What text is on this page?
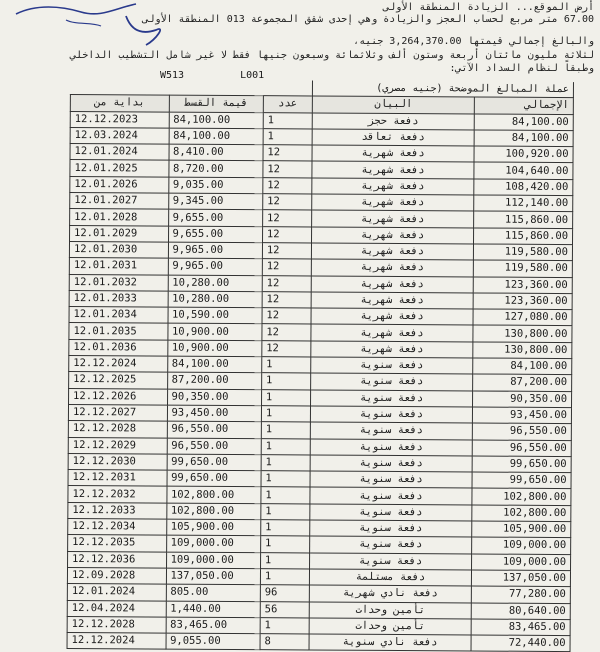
أرض الموقع... الزيادة المنطقة الأولى
67.00 متر مربع لحساب العجز والزيادة وهي إحدى شقق المجموعة 013 المنطقة الأولى
والبالغ إجمالي قيمتها 3,264,370.00 جنيه،
لثلاثة مليون مائتان أربعة وستون ألف وثلاثمائة وسبعون جنيها فقط لا غير شامل التشطيب الداخلي
وطبقاً لنظام السداد الآتي:
W513	L001
			عملة المبالغ الموضحة (جنيه مصري)	
بداية من	قيمة القسط	عدد	البيان	الإجمالي
12.12.2023	84,100.00	1	دفعة حجز	84,100.00
12.03.2024	84,100.00	1	دفعة تعاقد	84,100.00
12.01.2024	8,410.00	12	دفعة شهرية	100,920.00
12.01.2025	8,720.00	12	دفعة شهرية	104,640.00
12.01.2026	9,035.00	12	دفعة شهرية	108,420.00
12.01.2027	9,345.00	12	دفعة شهرية	112,140.00
12.01.2028	9,655.00	12	دفعة شهرية	115,860.00
12.01.2029	9,655.00	12	دفعة شهرية	115,860.00
12.01.2030	9,965.00	12	دفعة شهرية	119,580.00
12.01.2031	9,965.00	12	دفعة شهرية	119,580.00
12.01.2032	10,280.00	12	دفعة شهرية	123,360.00
12.01.2033	10,280.00	12	دفعة شهرية	123,360.00
12.01.2034	10,590.00	12	دفعة شهرية	127,080.00
12.01.2035	10,900.00	12	دفعة شهرية	130,800.00
12.01.2036	10,900.00	12	دفعة شهرية	130,800.00
12.12.2024	84,100.00	1	دفعة سنوية	84,100.00
12.12.2025	87,200.00	1	دفعة سنوية	87,200.00
12.12.2026	90,350.00	1	دفعة سنوية	90,350.00
12.12.2027	93,450.00	1	دفعة سنوية	93,450.00
12.12.2028	96,550.00	1	دفعة سنوية	96,550.00
12.12.2029	96,550.00	1	دفعة سنوية	96,550.00
12.12.2030	99,650.00	1	دفعة سنوية	99,650.00
12.12.2031	99,650.00	1	دفعة سنوية	99,650.00
12.12.2032	102,800.00	1	دفعة سنوية	102,800.00
12.12.2033	102,800.00	1	دفعة سنوية	102,800.00
12.12.2034	105,900.00	1	دفعة سنوية	105,900.00
12.12.2035	109,000.00	1	دفعة سنوية	109,000.00
12.12.2036	109,000.00	1	دفعة سنوية	109,000.00
12.09.2028	137,050.00	1	دفعة مستلمة	137,050.00
12.01.2024	805.00	96	دفعة نادي شهرية	77,280.00
12.04.2024	1,440.00	56	تأمين وحدات	80,640.00
12.12.2028	83,465.00	1	تأمين وحدات	83,465.00
12.12.2024	9,055.00	8	دفعة نادي سنوية	72,440.00
